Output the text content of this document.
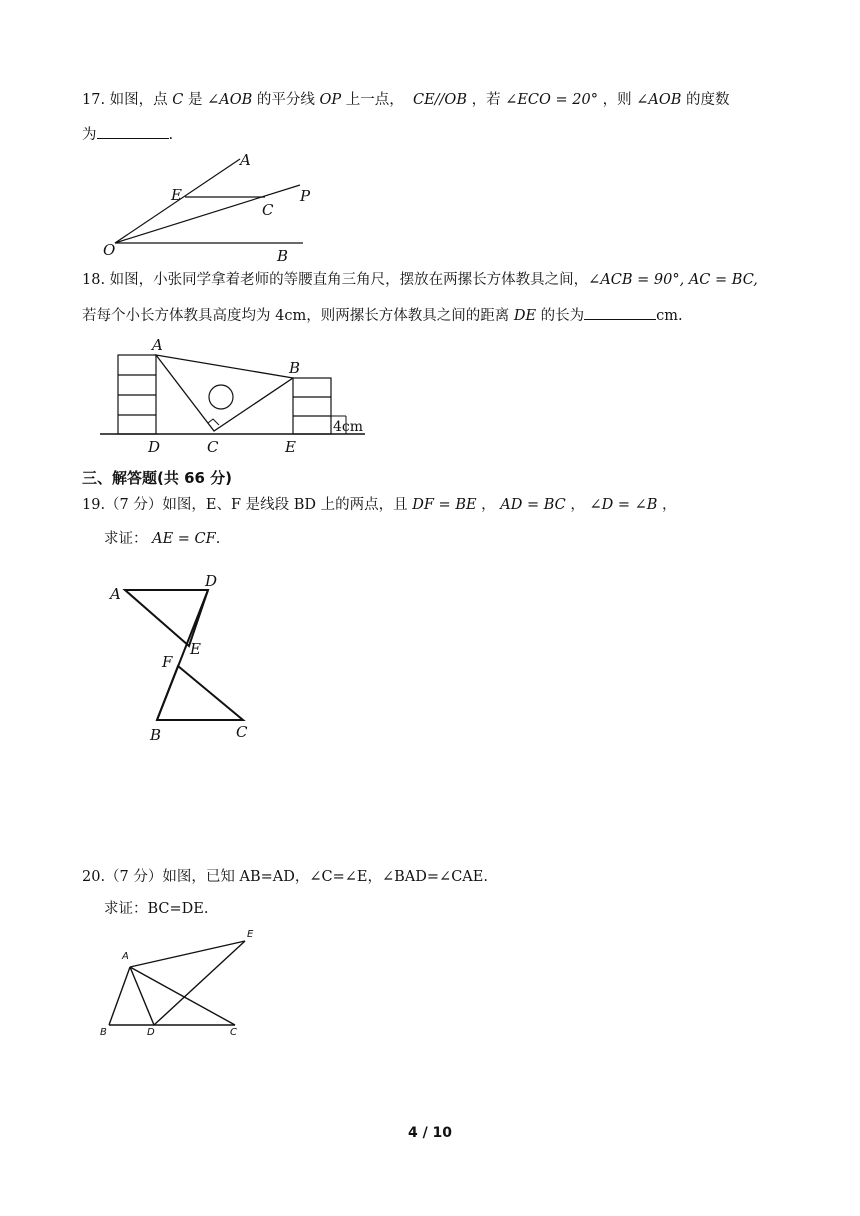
17. 如图，点 C 是 ∠AOB 的平分线 OP 上一点， CE//OB ，若 ∠ECO = 20° ，则 ∠AOB 的度数
为	.
A
E
C
P
O	B
18. 如图，小张同学拿着老师的等腰直角三角尺，摆放在两摞长方体教具之间，∠ACB = 90°, AC = BC,
若每个小长方体教具高度均为 4cm，则两摞长方体教具之间的距离 DE 的长为	cm.
4cm
A
B
D	C	E
三、解答题(共 66 分)
19.（7 分）如图，E、F 是线段 BD 上的两点，且 DF = BE ， AD = BC ， ∠D = ∠B ，
求证： AE = CF.
A
D
E
F
B	C
20.（7 分）如图，已知 AB=AD，∠C=∠E，∠BAD=∠CAE.
求证：BC=DE.
A
E
B	D	C
4 / 10
